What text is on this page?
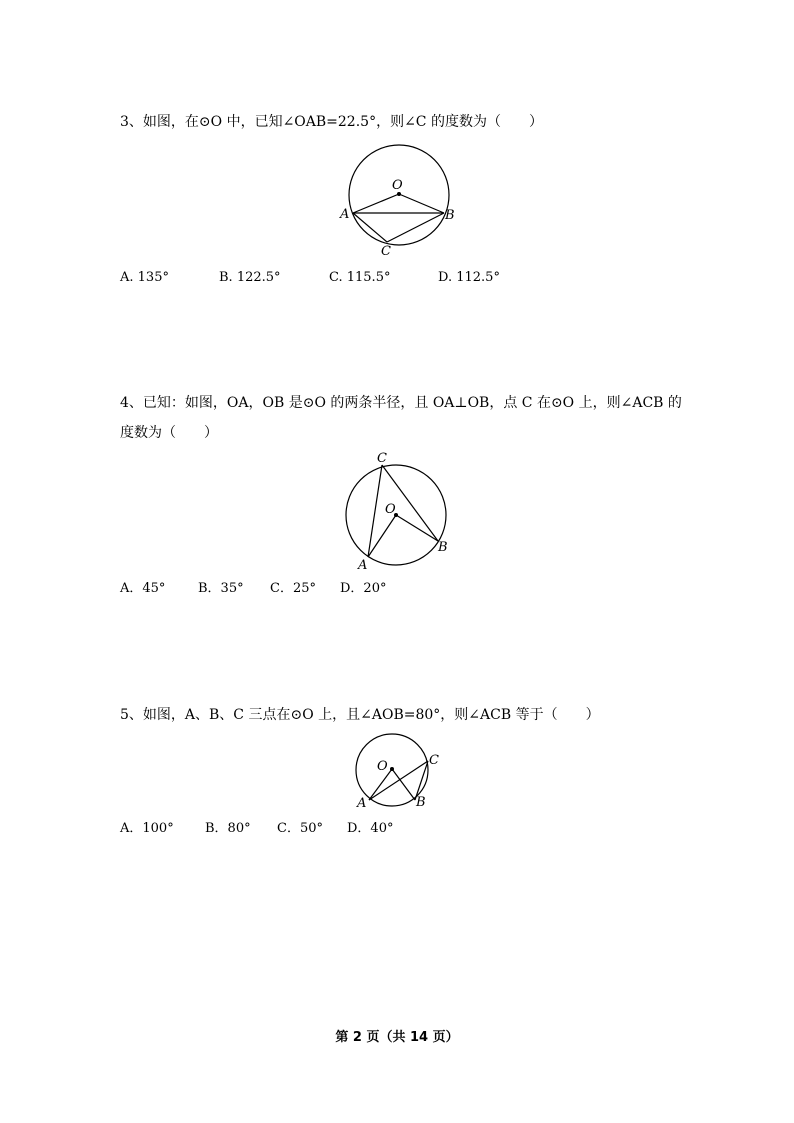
3、如图，在⊙O 中，已知∠OAB=22.5°，则∠C 的度数为（　　）
O
A	B
C
A. 135°	B. 122.5°	C. 115.5°	D. 112.5°
4、已知：如图，OA，OB 是⊙O 的两条半径，且 OA⊥OB，点 C 在⊙O 上，则∠ACB 的
度数为（　　）
C
O
A
B
A．45°	B．35° C．25° D．20°
5、如图，A、B、C 三点在⊙O 上，且∠AOB=80°，则∠ACB 等于（　　）
O
A	B
C
A．100° B．80° C．50° D．40°
第 2 页（共 14 页）
